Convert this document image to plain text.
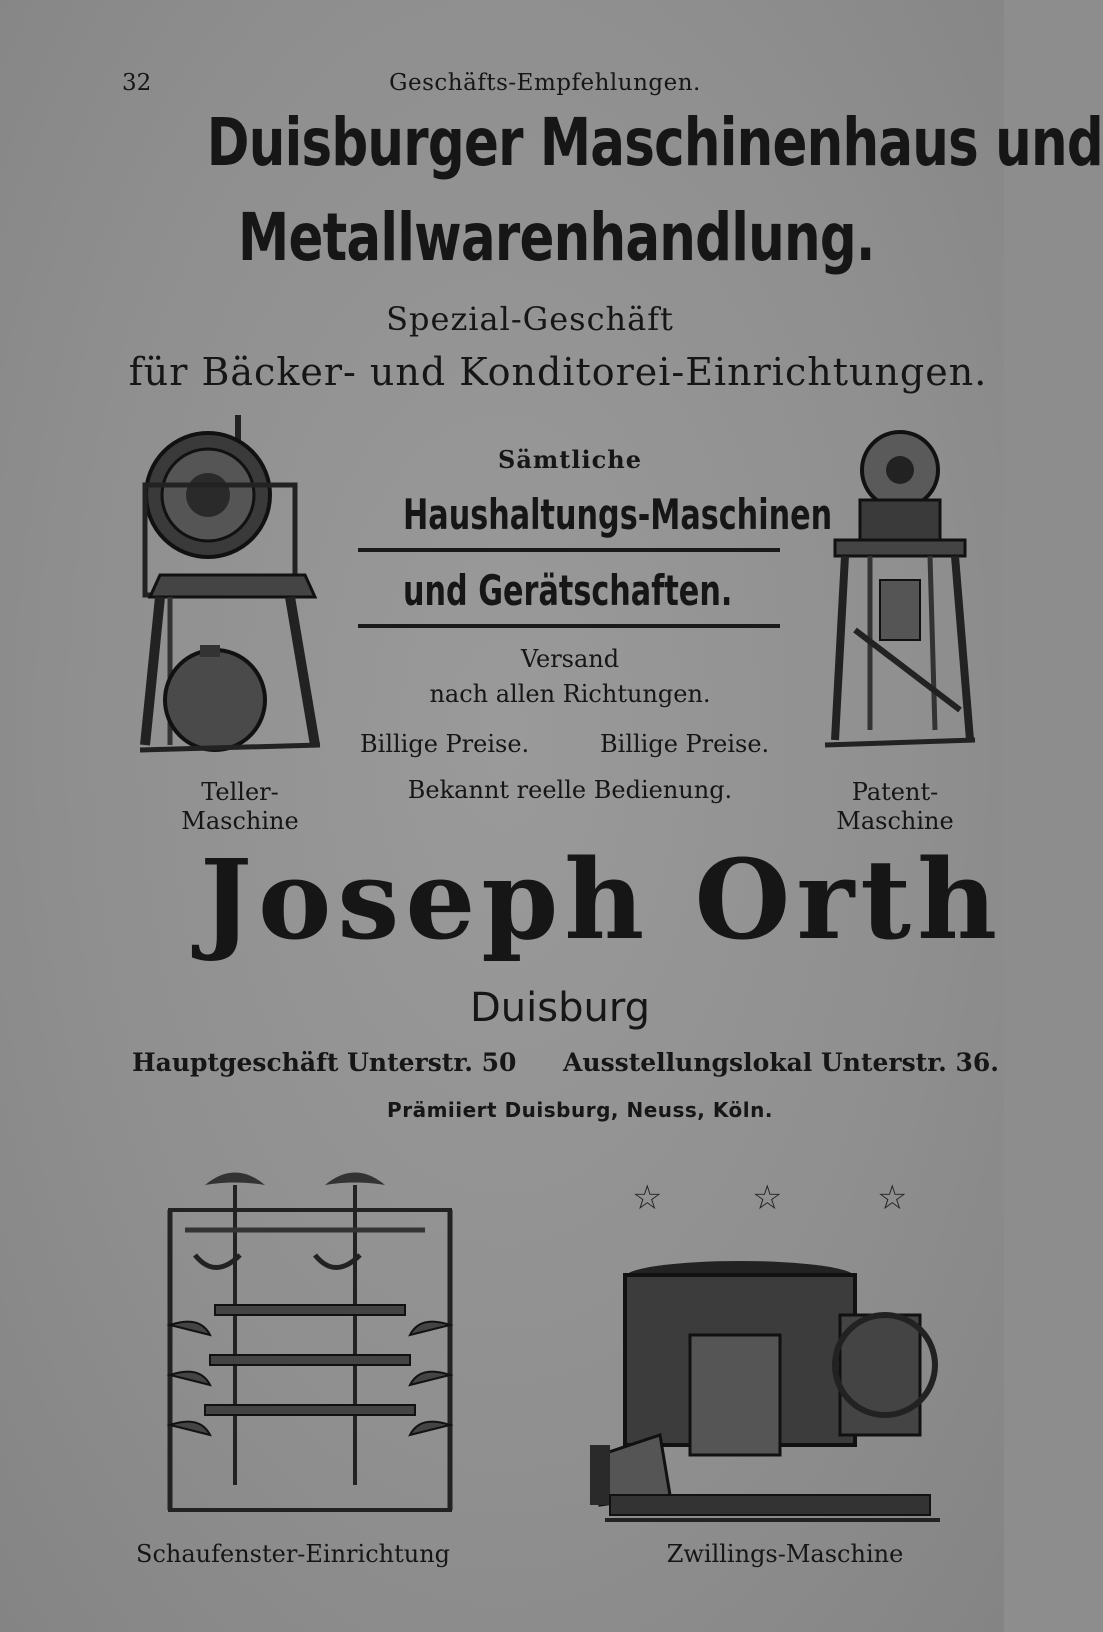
32	Geschäfts-Empfehlungen.
Duisburger Maschinenhaus und
Metallwarenhandlung.
Spezial-Geschäft
für Bäcker- und Konditorei-Einrichtungen.
Teller-
Maschine
Sämtliche
Haushaltungs-Maschinen
und Gerätschaften.
Versand
nach allen Richtungen.
Billige Preise.	Billige Preise.
Bekannt reelle Bedienung.	Patent-
Maschine
Joseph Orth
Duisburg
Hauptgeschäft Unterstr. 50 Ausstellungslokal Unterstr. 36.
Prämiiert Duisburg, Neuss, Köln.
Schaufenster-Einrichtung
☆	☆	☆
Zwillings-Maschine
